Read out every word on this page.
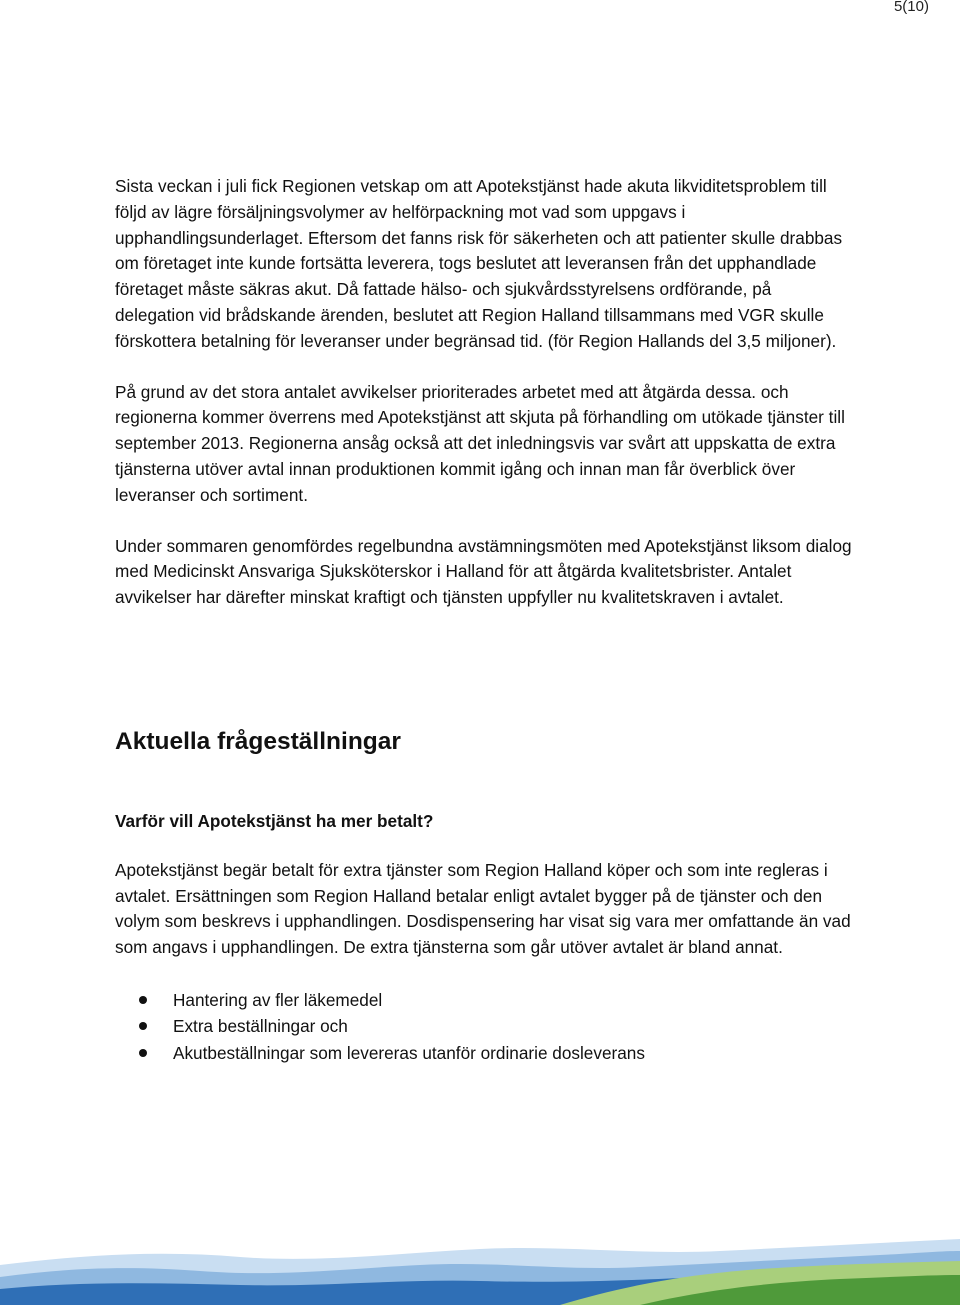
5(10)

Sista veckan i juli fick Regionen vetskap om att Apotekstjänst hade akuta likviditetsproblem till följd av lägre försäljningsvolymer av helförpackning mot vad som uppgavs i upphandlingsunderlaget. Eftersom det fanns risk för säkerheten och att patienter skulle drabbas om företaget inte kunde fortsätta leverera, togs beslutet att leveransen från det upphandlade företaget måste säkras akut. Då fattade hälso- och sjukvårdsstyrelsens ordförande, på delegation vid brådskande ärenden, beslutet att Region Halland tillsammans med VGR skulle förskottera betalning för leveranser under begränsad tid. (för Region Hallands del 3,5 miljoner).

På grund av det stora antalet avvikelser prioriterades arbetet med att åtgärda dessa. och regionerna kommer överrens med Apotekstjänst att skjuta på förhandling om utökade tjänster till september 2013. Regionerna ansåg också att det inledningsvis var svårt att uppskatta de extra tjänsterna utöver avtal innan produktionen kommit igång och innan man får överblick över leveranser och sortiment.

Under sommaren genomfördes regelbundna avstämningsmöten med Apotekstjänst liksom dialog med Medicinskt Ansvariga Sjuksköterskor i Halland för att åtgärda kvalitetsbrister. Antalet avvikelser har därefter minskat kraftigt och tjänsten uppfyller nu kvalitetskraven i avtalet.

Aktuella frågeställningar
Varför vill Apotekstjänst ha mer betalt?

Apotekstjänst begär betalt för extra tjänster som Region Halland köper och som inte regleras i avtalet. Ersättningen som Region Halland betalar enligt avtalet bygger på de tjänster och den volym som beskrevs i upphandlingen. Dosdispensering har visat sig vara mer omfattande än vad som angavs i upphandlingen. De extra tjänsterna som går utöver avtalet är bland annat.

Hantering av fler läkemedel
Extra beställningar och
Akutbeställningar som levereras utanför ordinarie dosleverans
